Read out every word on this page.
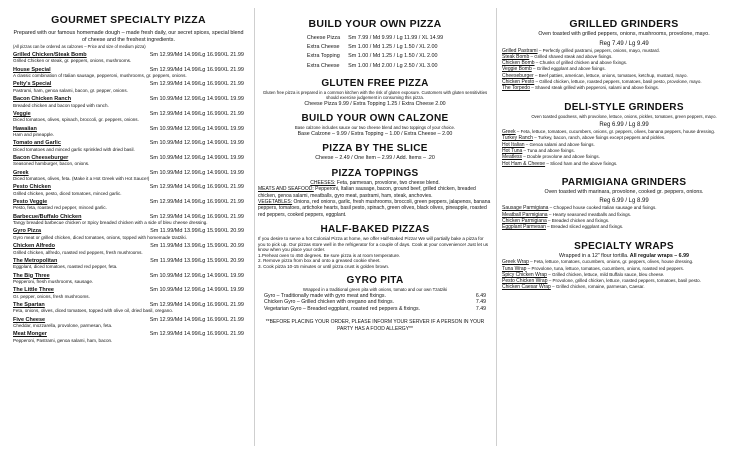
GOURMET SPECIALTY PIZZA
Prepared with our famous homemade dough – made fresh daily, our secret spices, special blend of cheese and the freshest ingredients.
(All pizzas can be ordered as calzones – Price and size of medium pizza)
Grilled Chicken/Steak Bomb	Sm 12.99/Md 14.99/Lg 16.99/XL 21.99
Grilled Chicken or steak, gr. peppers, onions, mushrooms.
House Special	Sm 12.99/Md 14.99/Lg 16.99/XL 21.99
A classic combination of Italian sausage, pepperoni, mushrooms, gr. peppers, onions.
Pelty's Special	Sm 12.99/Md 14.99/Lg 16.99/XL 21.99
Pastrami, ham, genoa salami, bacon, gr. pepper, onions.
Bacon Chicken Ranch	Sm 10.99/Md 12.99/Lg 14.99/XL 19.99
Breaded chicken and bacon topped with ranch.
Veggie	Sm 12.99/Md 14.99/Lg 16.99/XL 21.99
Diced tomatoes, olives, spinach, broccoli, gr. peppers, onions.
Hawaiian	Sm 10.99/Md 12.99/Lg 14.99/XL 19.99
Ham and pineapple.
Tomato and Garlic	Sm 10.99/Md 12.99/Lg 14.99/XL 19.99
Diced tomatoes and minced garlic sprinkled with dried basil.
Bacon Cheeseburger	Sm 10.99/Md 12.99/Lg 14.99/XL 19.99
Seasoned hamburger, bacon, onions.
Greek	Sm 10.99/Md 12.99/Lg 14.99/XL 19.99
Diced tomatoes, olives, feta. (Make it a Hot Greek with Hot Sauce!)
Pesto Chicken	Sm 12.99/Md 14.99/Lg 16.99/XL 21.99
Grilled chicken, pesto, diced tomatoes, minced garlic.
Pesto Veggie	Sm 12.99/Md 14.99/Lg 16.99/XL 21.99
Pesto, feta, roasted red pepper, minced garlic.
Barbecue/Buffalo Chicken	Sm 12.99/Md 14.99/Lg 16.99/XL 21.99
Tangy breaded barbecue chicken or Spicy breaded chicken with a side of bleu cheese dressing.
Gyro Pizza	Sm 11.99/Md 13.99/Lg 15.99/XL 20.99
Gyro meat or grilled chicken, diced tomatoes, onions, topped with homemade tzatziki.
Chicken Alfredo	Sm 11.99/Md 13.99/Lg 15.99/XL 20.99
Grilled chicken, alfredo, roasted red peppers, fresh mushrooms.
The Metropolitan	Sm 11.99/Md 13.99/Lg 15.99/XL 20.99
Eggplant, diced tomatoes, roasted red pepper, feta.
The Big Three	Sm 10.99/Md 12.99/Lg 14.99/XL 19.99
Pepperoni, fresh mushrooms, sausage.
The Little Three	Sm 10.99/Md 12.99/Lg 14.99/XL 19.99
Gr. pepper, onions, fresh mushrooms.
The Spartan	Sm 12.99/Md 14.99/Lg 16.99/XL 21.99
Feta, onions, olives, diced tomatoes, topped with olive oil, dried basil, oregano.
Five Cheese	Sm 12.99/Md 14.99/Lg 16.99/XL 21.99
Cheddar, mozzarella, provolone, parmesan, feta.
Meat Monger	Sm 12.99/Md 14.99/Lg 16.99/XL 21.99
Pepperoni, Pastrami, genoa salami, ham, bacon.
BUILD YOUR OWN PIZZA
Cheese Pizza	Sm 7.99 / Md 9.99 / Lg 11.99 / XL 14.99
Extra Cheese	Sm 1.00 / Md 1.25 / Lg 1.50 / XL 2.00
Extra Topping	Sm 1.00 / Md 1.25 / Lg 1.50 / XL 2.00
Extra Cheese	Sm 1.00 / Md 2.00 / Lg 2.50 / XL 3.00
GLUTEN FREE PIZZA
Gluten free pizza is prepared in a common kitchen with the risk of gluten exposure. Customers with gluten sensitivities should exercise judgement in consuming this pizza.
Cheese Pizza 9.99 / Extra Topping 1.25 / Extra Cheese 2.00
BUILD YOUR OWN CALZONE
Base calzone includes sauce our two cheese blend and two toppings of your choice.
Base Calzone – 9.99 / Extra Topping – 1.00 / Extra Cheese – 2.00
PIZZA BY THE SLICE
Cheese – 2.49 / One Item – 2.99 / Add. Items – .20
PIZZA TOPPINGS
CHEESES: Feta, parmesan, provolone, two cheese blend.
MEATS AND SEAFOOD: Pepperoni, Italian sausage, bacon, ground beef, grilled chicken, breaded chicken, genoa salami, meatballs, gyro meat, pastrami, ham, steak, anchovies.
VEGETABLES: Onions, red onions, garlic, fresh mushrooms, broccoli, green peppers, jalapenos, banana peppers, tomatoes, artichoke hearts, basil pesto, spinach, green olives, black olives, pineapple, roasted red peppers, cooked peppers, eggplant.
HALF-BAKED PIZZAS
If you desire to serve a hot Colonial Pizza at home, we offer Half-Baked Pizza! We will partially bake a pizza for you to pick up. Our pizzas store well in the refrigerator for a couple of days. Cook at your convenience! Just let us know when you place your order.
1.Preheat oven to 450 degrees. Be sure pizza is at room temperature.
2. Remove pizza from box and onto a greased cookie sheet.
3. Cook pizza 10-15 minutes or until pizza crust is golden brown.
GYRO PITA
Wrapped in a traditional green pita with onions, tomato and our own Tzatziki
Gyro – Traditionally made with gyro meat and fixings.	6.49
Chicken Gyro – Grilled chicken with oregano and fixings.	7.49
Vegetarian Gyro – Breaded eggplant, roasted red peppers & fixings.	7.49
**BEFORE PLACING YOUR ORDER, PLEASE INFORM YOUR SERVER IF A PERSON IN YOUR PARTY HAS A FOOD ALLERGY**
GRILLED GRINDERS
Oven toasted with grilled peppers, onions, mushrooms, provolone, mayo.
Reg 7.49 / Lg 9.49
Grilled Pastrami – Perfectly grilled pastrami, peppers, onions, mayo, mustard.
Steak Bomb – Grilled shaved steak and above fixings.
Chicken Bomb – Chunks of grilled chicken and above fixings.
Veggie Bomb – Grilled eggplant and above fixings.
Cheeseburger – Beef patties, american, lettuce, onions, tomatoes, ketchup, mustard, mayo.
Chicken Pesto – Grilled chicken, lettuce, roasted peppers, tomatoes, basil pesto, provolone, mayo.
The Torpedo – Shaved steak grilled with pepperoni, salami and above fixings.
DELI-STYLE GRINDERS
Oven toasted goodness, with provolone, lettuce, onions, pickles, tomatoes, green peppers, mayo.
Reg 6.99 / Lg 8.99
Greek – Feta, lettuce, tomatoes, cucumbers, onions, gr. peppers, olives, banana peppers, house dressing.
Turkey Ranch – Turkey, bacon, ranch, above fixings except peppers and pickles.
Hot Italian – Genoa salami and above fixings.
Hot Tuna – Tuna and above fixings.
Meatless – Double provolone and above fixings.
Hot Ham & Cheese – Sliced ham and the above fixings.
PARMIGIANA GRINDERS
Oven toasted with marinara, provolone, cooked gr. peppers, onions.
Reg 6.99 / Lg 8.99
Sausage Parmigiana – Chopped house cooked Italian sausage and fixings.
Meatball Parmigiana – Hearty seasoned meatballs and fixings.
Chicken Parmigiana – Breaded chicken and fixings.
Eggplant Parmesan – Breaded sliced eggplant and fixings.
SPECIALTY WRAPS
Wrapped in a 12" flour tortilla. All regular wraps – 6.99
Greek Wrap – Feta, lettuce, tomatoes, cucumbers, onions, gr. peppers, olives, house dressing.
Tuna Wrap – Provolone, tuna, lettuce, tomatoes, cucumbers, onions, roasted red peppers.
Spicy Chicken Wrap – Grilled chicken, lettuce, mild Buffalo sauce, bleu cheese.
Pesto Chicken Wrap – Provolone, grilled chicken, lettuce, roasted peppers, tomatoes, basil pesto.
Chicken Caesar Wrap – Grilled chicken, romaine, parmesan, Caesar.
